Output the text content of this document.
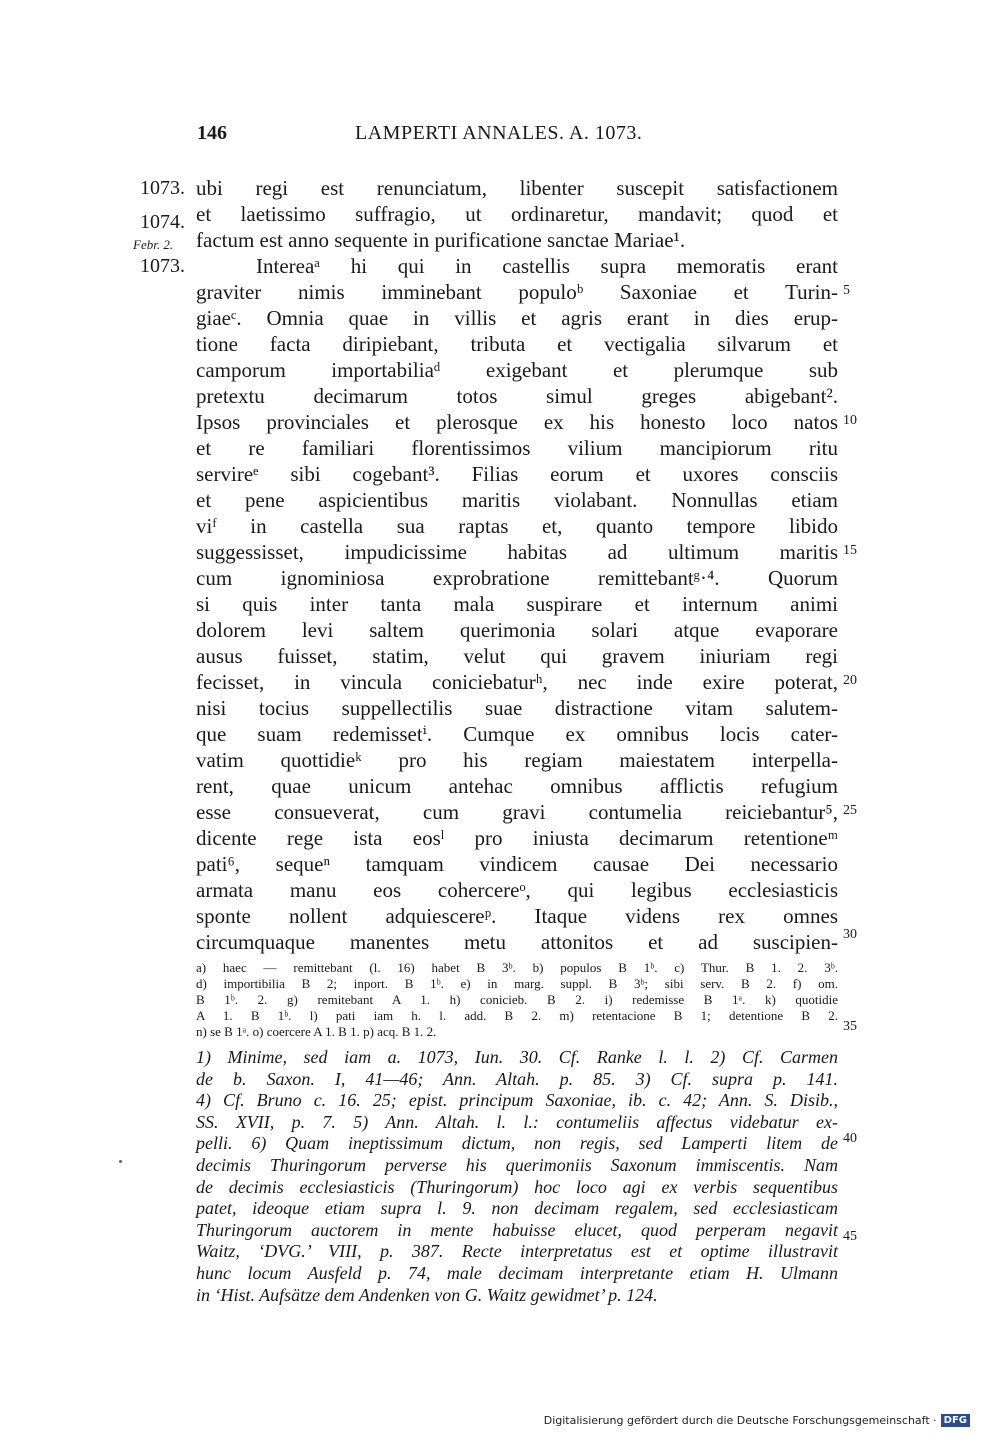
146	LAMPERTI ANNALES. A. 1073.
1073.
1074.
Febr. 2.
1073.
ubi regi est renunciatum, libenter suscepit satisfactionem
et laetissimo suffragio, ut ordinaretur, mandavit; quod et
factum est anno sequente in purificatione sanctae Mariae¹.
Intereaᵃ hi qui in castellis supra memoratis erant
graviter nimis imminebant populoᵇ Saxoniae et Turin-
giaeᶜ. Omnia quae in villis et agris erant in dies erup-
tione facta diripiebant, tributa et vectigalia silvarum et
camporum importabiliaᵈ exigebant et plerumque sub
pretextu decimarum totos simul greges abigebant².
Ipsos provinciales et plerosque ex his honesto loco natos
et re familiari florentissimos vilium mancipiorum ritu
servireᵉ sibi cogebant³. Filias eorum et uxores consciis
et pene aspicientibus maritis violabant. Nonnullas etiam
viᶠ in castella sua raptas et, quanto tempore libido
suggessisset, impudicissime habitas ad ultimum maritis
cum ignominiosa exprobratione remittebantᵍ·⁴. Quorum
si quis inter tanta mala suspirare et internum animi
dolorem levi saltem querimonia solari atque evaporare
ausus fuisset, statim, velut qui gravem iniuriam regi
fecisset, in vincula coniciebaturʰ, nec inde exire poterat,
nisi tocius suppellectilis suae distractione vitam salutem-
que suam redemissetⁱ. Cumque ex omnibus locis cater-
vatim quottidieᵏ pro his regiam maiestatem interpella-
rent, quae unicum antehac omnibus afflictis refugium
esse consueverat, cum gravi contumelia reiciebantur⁵,
dicente rege ista eosˡ pro iniusta decimarum retentioneᵐ
pati⁶, sequeⁿ tamquam vindicem causae Dei necessario
armata manu eos cohercereᵒ, qui legibus ecclesiasticis
sponte nollent adquiescereᵖ. Itaque videns rex omnes
circumquaque manentes metu attonitos et ad suscipien-
5
10
15
20
25
30
a) haec — remittebant (l. 16) habet B 3ᵇ. b) populos B 1ᵇ. c) Thur. B 1. 2. 3ᵇ.
d) importibilia B 2; inport. B 1ᵇ. e) in marg. suppl. B 3ᵇ; sibi serv. B 2. f) om.
B 1ᵇ. 2. g) remitebant A 1. h) conicieb. B 2. i) redemisse B 1ᵃ. k) quotidie
A 1. B 1ᵇ. l) pati iam h. l. add. B 2. m) retentacione B 1; detentione B 2.
n) se B 1ᵃ. o) coercere A 1. B 1. p) acq. B 1. 2.	35
1) Minime, sed iam a. 1073, Iun. 30. Cf. Ranke l. l. 2) Cf. Carmen
de b. Saxon. I, 41—46; Ann. Altah. p. 85. 3) Cf. supra p. 141.
4) Cf. Bruno c. 16. 25; epist. principum Saxoniae, ib. c. 42; Ann. S. Disib.,
SS. XVII, p. 7. 5) Ann. Altah. l. l.: contumeliis affectus videbatur ex-
pelli. 6) Quam ineptissimum dictum, non regis, sed Lamperti litem de
decimis Thuringorum perverse his querimoniis Saxonum immiscentis. Nam
de decimis ecclesiasticis (Thuringorum) hoc loco agi ex verbis sequentibus
patet, ideoque etiam supra l. 9. non decimam regalem, sed ecclesiasticam
Thuringorum auctorem in mente habuisse elucet, quod perperam negavit
Waitz, ‘DVG.’ VIII, p. 387. Recte interpretatus est et optime illustravit
hunc locum Ausfeld p. 74, male decimam interpretante etiam H. Ulmann
in ‘Hist. Aufsätze dem Andenken von G. Waitz gewidmet’ p. 124.
40
45
Digitalisierung gefördert durch die Deutsche Forschungsgemeinschaft · DFG
